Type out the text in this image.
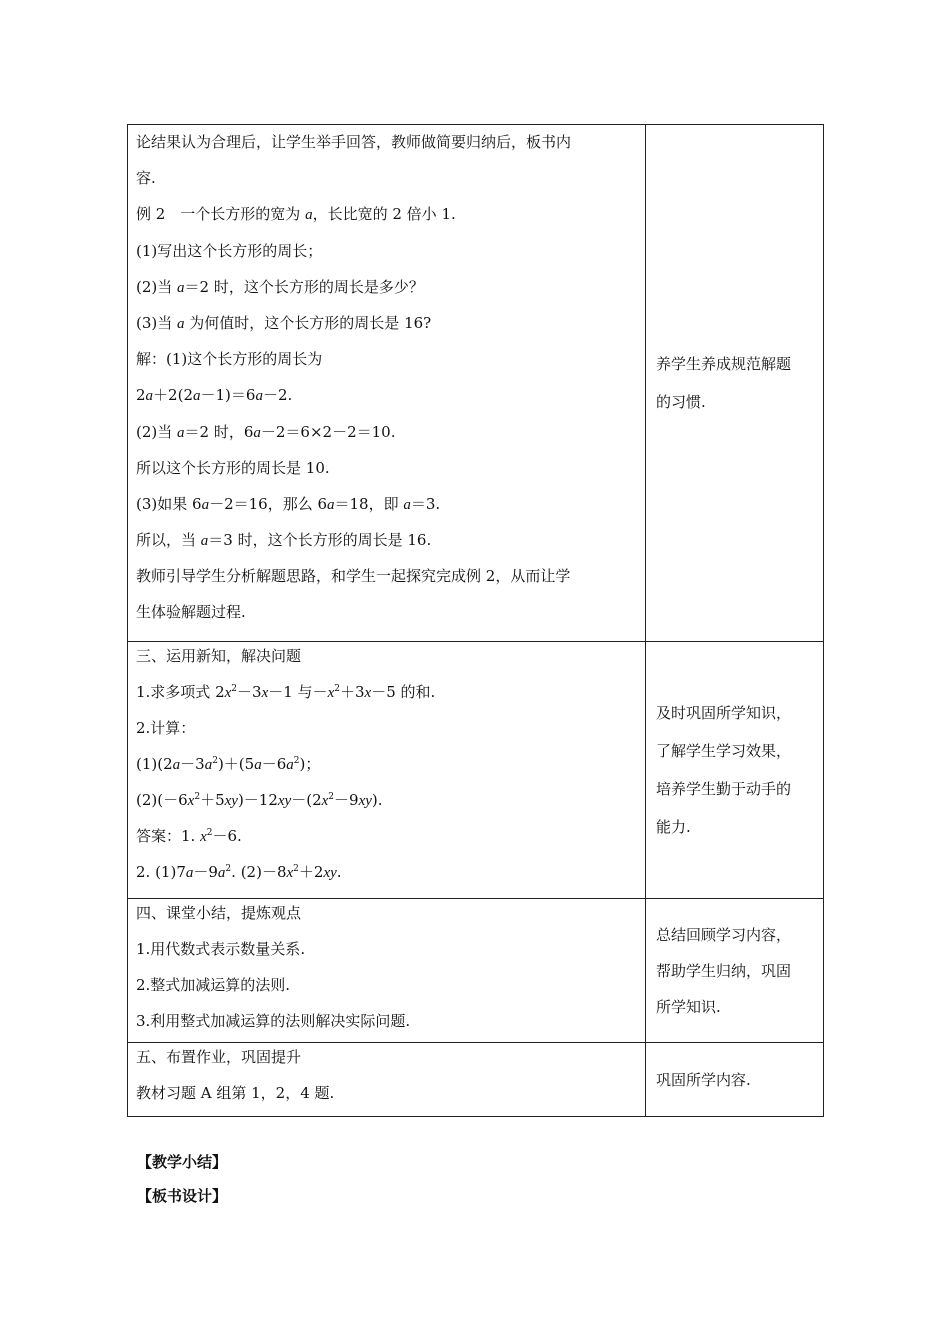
论结果认为合理后，让学生举手回答，教师做简要归纳后，板书内
容.
例 2　一个长方形的宽为 a，长比宽的 2 倍小 1.
(1)写出这个长方形的周长；
(2)当 a＝2 时，这个长方形的周长是多少？
(3)当 a 为何值时，这个长方形的周长是 16?
解：(1)这个长方形的周长为
2a＋2(2a－1)＝6a－2.
(2)当 a＝2 时，6a－2＝6×2－2＝10.
所以这个长方形的周长是 10.
(3)如果 6a－2＝16，那么 6a＝18，即 a＝3.
所以，当 a＝3 时，这个长方形的周长是 16.
教师引导学生分析解题思路，和学生一起探究完成例 2，从而让学
生体验解题过程.
养学生养成规范解题
的习惯.
三、运用新知，解决问题
1.求多项式 $2x^2-3x-1$ 与$-x^2+3x-5$ 的和.
2.计算：
$(1)(2a-3a^2)+(5a-6a^2)$；
$(2)(-6x^2+5xy)-12xy-(2x^2-9xy)$.
答案：1. $x^2-6$.
2. $(1)7a-9a^2$. $(2)-8x^2+2xy$.
及时巩固所学知识，
了解学生学习效果，
培养学生勤于动手的
能力.
四、课堂小结，提炼观点
1.用代数式表示数量关系.
2.整式加减运算的法则.
3.利用整式加减运算的法则解决实际问题.
总结回顾学习内容，
帮助学生归纳，巩固
所学知识.
五、布置作业，巩固提升
教材习题 A 组第 1，2，4 题.
巩固所学内容.
【教学小结】
【板书设计】
